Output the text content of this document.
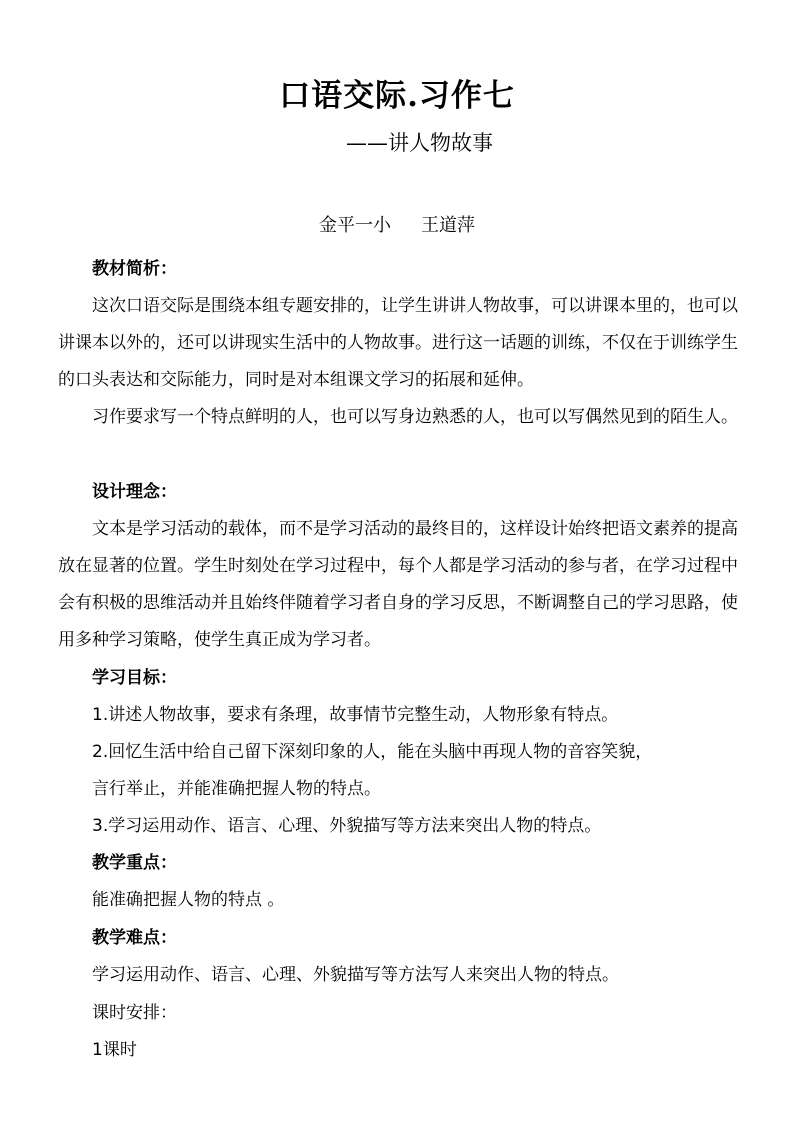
口语交际.习作七
——讲人物故事
金平一小 王道萍
教材简析：
这次口语交际是围绕本组专题安排的，让学生讲讲人物故事，可以讲课本里的，也可以讲课本以外的，还可以讲现实生活中的人物故事。进行这一话题的训练，不仅在于训练学生的口头表达和交际能力，同时是对本组课文学习的拓展和延伸。
习作要求写一个特点鲜明的人，也可以写身边熟悉的人，也可以写偶然见到的陌生人。
设计理念：
文本是学习活动的载体，而不是学习活动的最终目的，这样设计始终把语文素养的提高放在显著的位置。学生时刻处在学习过程中，每个人都是学习活动的参与者，在学习过程中会有积极的思维活动并且始终伴随着学习者自身的学习反思，不断调整自己的学习思路，使用多种学习策略，使学生真正成为学习者。
学习目标：
1.讲述人物故事，要求有条理，故事情节完整生动，人物形象有特点。
2.回忆生活中给自己留下深刻印象的人，能在头脑中再现人物的音容笑貌，
言行举止，并能准确把握人物的特点。
3.学习运用动作、语言、心理、外貌描写等方法来突出人物的特点。
教学重点：
能准确把握人物的特点 。
教学难点：
学习运用动作、语言、心理、外貌描写等方法写人来突出人物的特点。
课时安排：
1课时
